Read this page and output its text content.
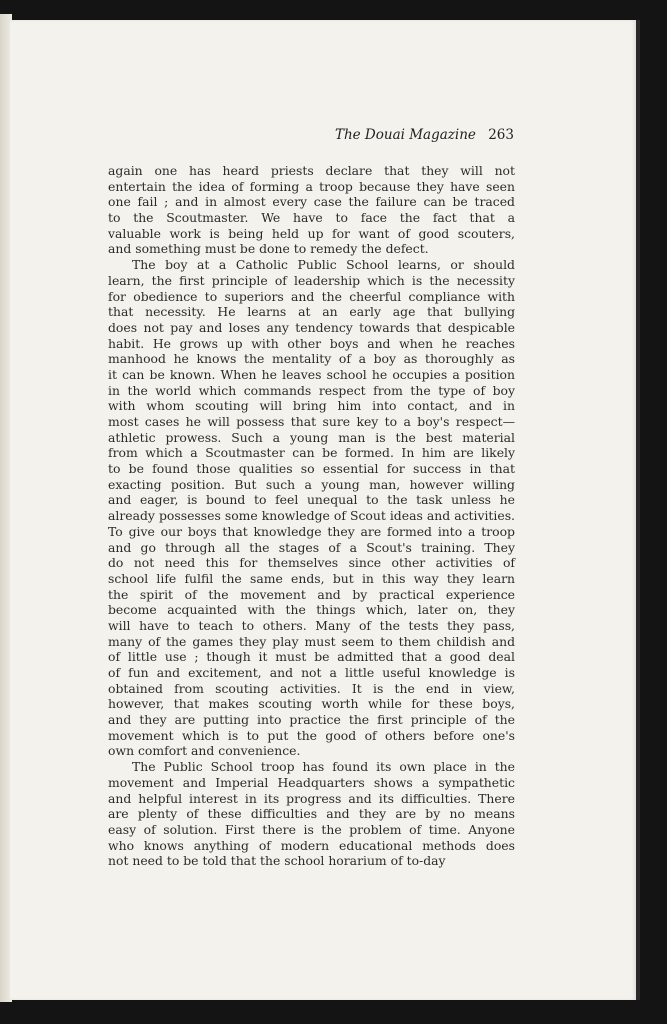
The Douai Magazine 263
again one has heard priests declare that they will not
entertain the idea of forming a troop because they have seen
one fail ; and in almost every case the failure can be traced
to the Scoutmaster. We have to face the fact that a
valuable work is being held up for want of good scouters,
and something must be done to remedy the defect.
The boy at a Catholic Public School learns, or should
learn, the first principle of leadership which is the necessity
for obedience to superiors and the cheerful compliance with
that necessity. He learns at an early age that bullying
does not pay and loses any tendency towards that despicable
habit. He grows up with other boys and when he reaches
manhood he knows the mentality of a boy as thoroughly as
it can be known. When he leaves school he occupies a position
in the world which commands respect from the type of boy
with whom scouting will bring him into contact, and in
most cases he will possess that sure key to a boy's respect—
athletic prowess. Such a young man is the best material
from which a Scoutmaster can be formed. In him are likely
to be found those qualities so essential for success in that
exacting position. But such a young man, however willing
and eager, is bound to feel unequal to the task unless he
already possesses some knowledge of Scout ideas and activities.
To give our boys that knowledge they are formed into a troop
and go through all the stages of a Scout's training. They
do not need this for themselves since other activities of
school life fulfil the same ends, but in this way they learn
the spirit of the movement and by practical experience
become acquainted with the things which, later on, they
will have to teach to others. Many of the tests they pass,
many of the games they play must seem to them childish and
of little use ; though it must be admitted that a good deal
of fun and excitement, and not a little useful knowledge is
obtained from scouting activities. It is the end in view,
however, that makes scouting worth while for these boys,
and they are putting into practice the first principle of the
movement which is to put the good of others before one's
own comfort and convenience.
The Public School troop has found its own place in the
movement and Imperial Headquarters shows a sympathetic
and helpful interest in its progress and its difficulties. There
are plenty of these difficulties and they are by no means
easy of solution. First there is the problem of time. Anyone
who knows anything of modern educational methods does
not need to be told that the school horarium of to-day
